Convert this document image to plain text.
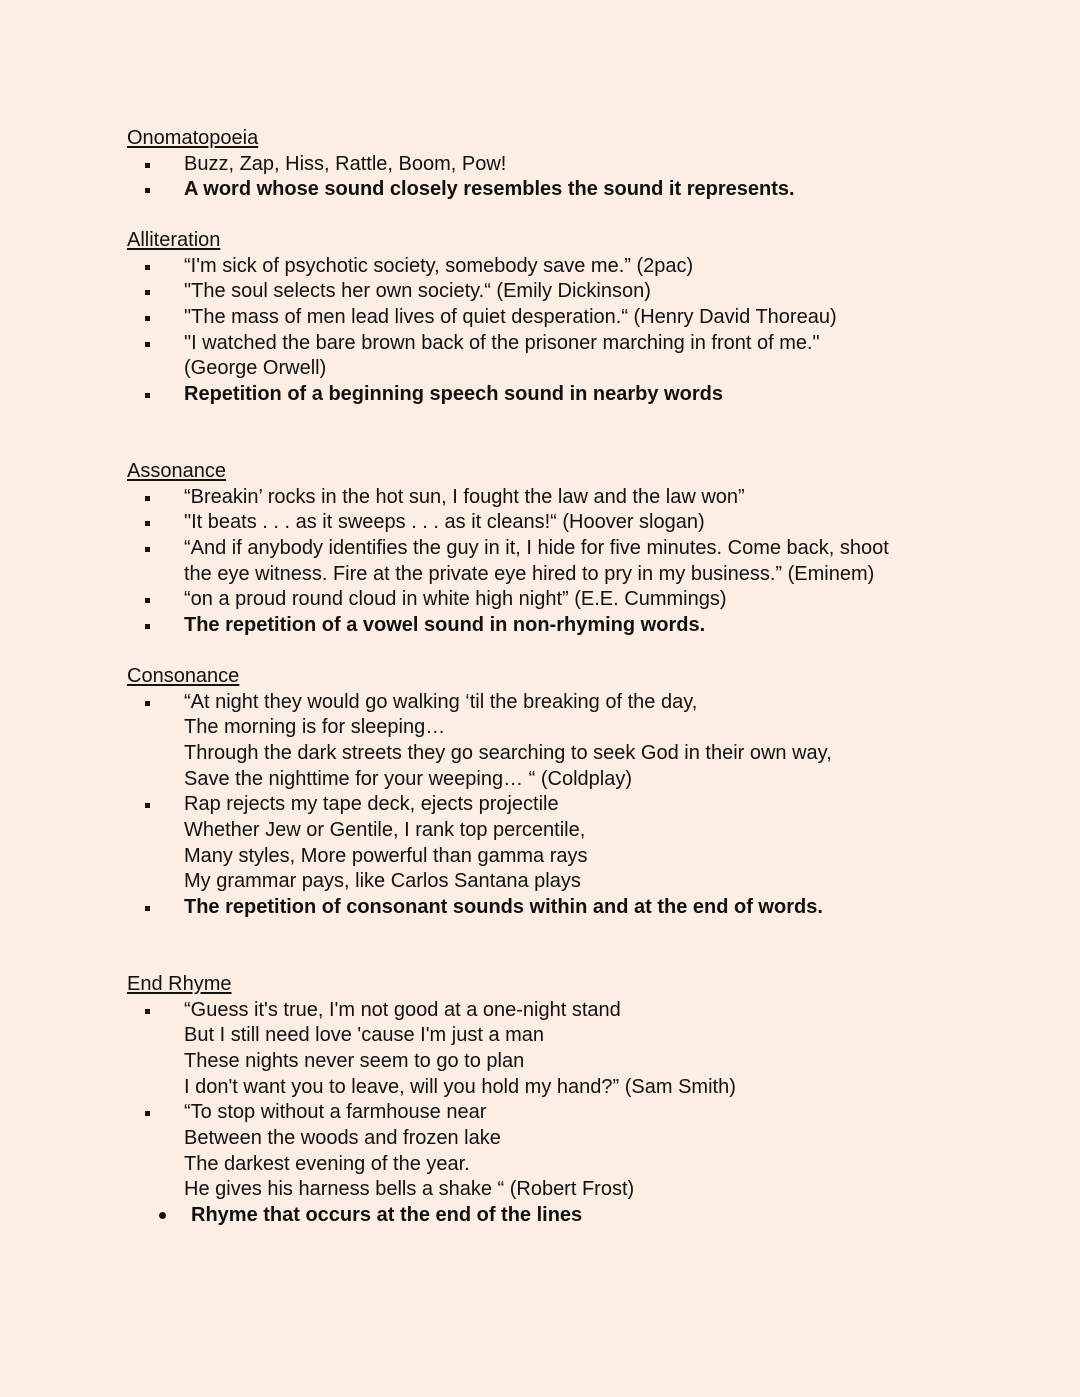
Onomatopoeia
Buzz, Zap, Hiss, Rattle, Boom, Pow!
A word whose sound closely resembles the sound it represents.
Alliteration
“I'm sick of psychotic society, somebody save me.” (2pac)
"The soul selects her own society.“ (Emily Dickinson)
"The mass of men lead lives of quiet desperation.“ (Henry David Thoreau)
"I watched the bare brown back of the prisoner marching in front of me."
(George Orwell)
Repetition of a beginning speech sound in nearby words
Assonance
“Breakin’ rocks in the hot sun, I fought the law and the law won”
"It beats . . . as it sweeps . . . as it cleans!“ (Hoover slogan)
“And if anybody identifies the guy in it, I hide for five minutes. Come back, shoot
the eye witness. Fire at the private eye hired to pry in my business.” (Eminem)
“on a proud round cloud in white high night” (E.E. Cummings)
The repetition of a vowel sound in non-rhyming words.
Consonance
“At night they would go walking ‘til the breaking of the day,
The morning is for sleeping…
Through the dark streets they go searching to seek God in their own way,
Save the nighttime for your weeping… “ (Coldplay)
Rap rejects my tape deck, ejects projectile
Whether Jew or Gentile, I rank top percentile,
Many styles, More powerful than gamma rays
My grammar pays, like Carlos Santana plays
The repetition of consonant sounds within and at the end of words.
End Rhyme
“Guess it's true, I'm not good at a one-night stand
But I still need love 'cause I'm just a man
These nights never seem to go to plan
I don't want you to leave, will you hold my hand?” (Sam Smith)
“To stop without a farmhouse near
Between the woods and frozen lake
The darkest evening of the year.
He gives his harness bells a shake “ (Robert Frost)
Rhyme that occurs at the end of the lines
